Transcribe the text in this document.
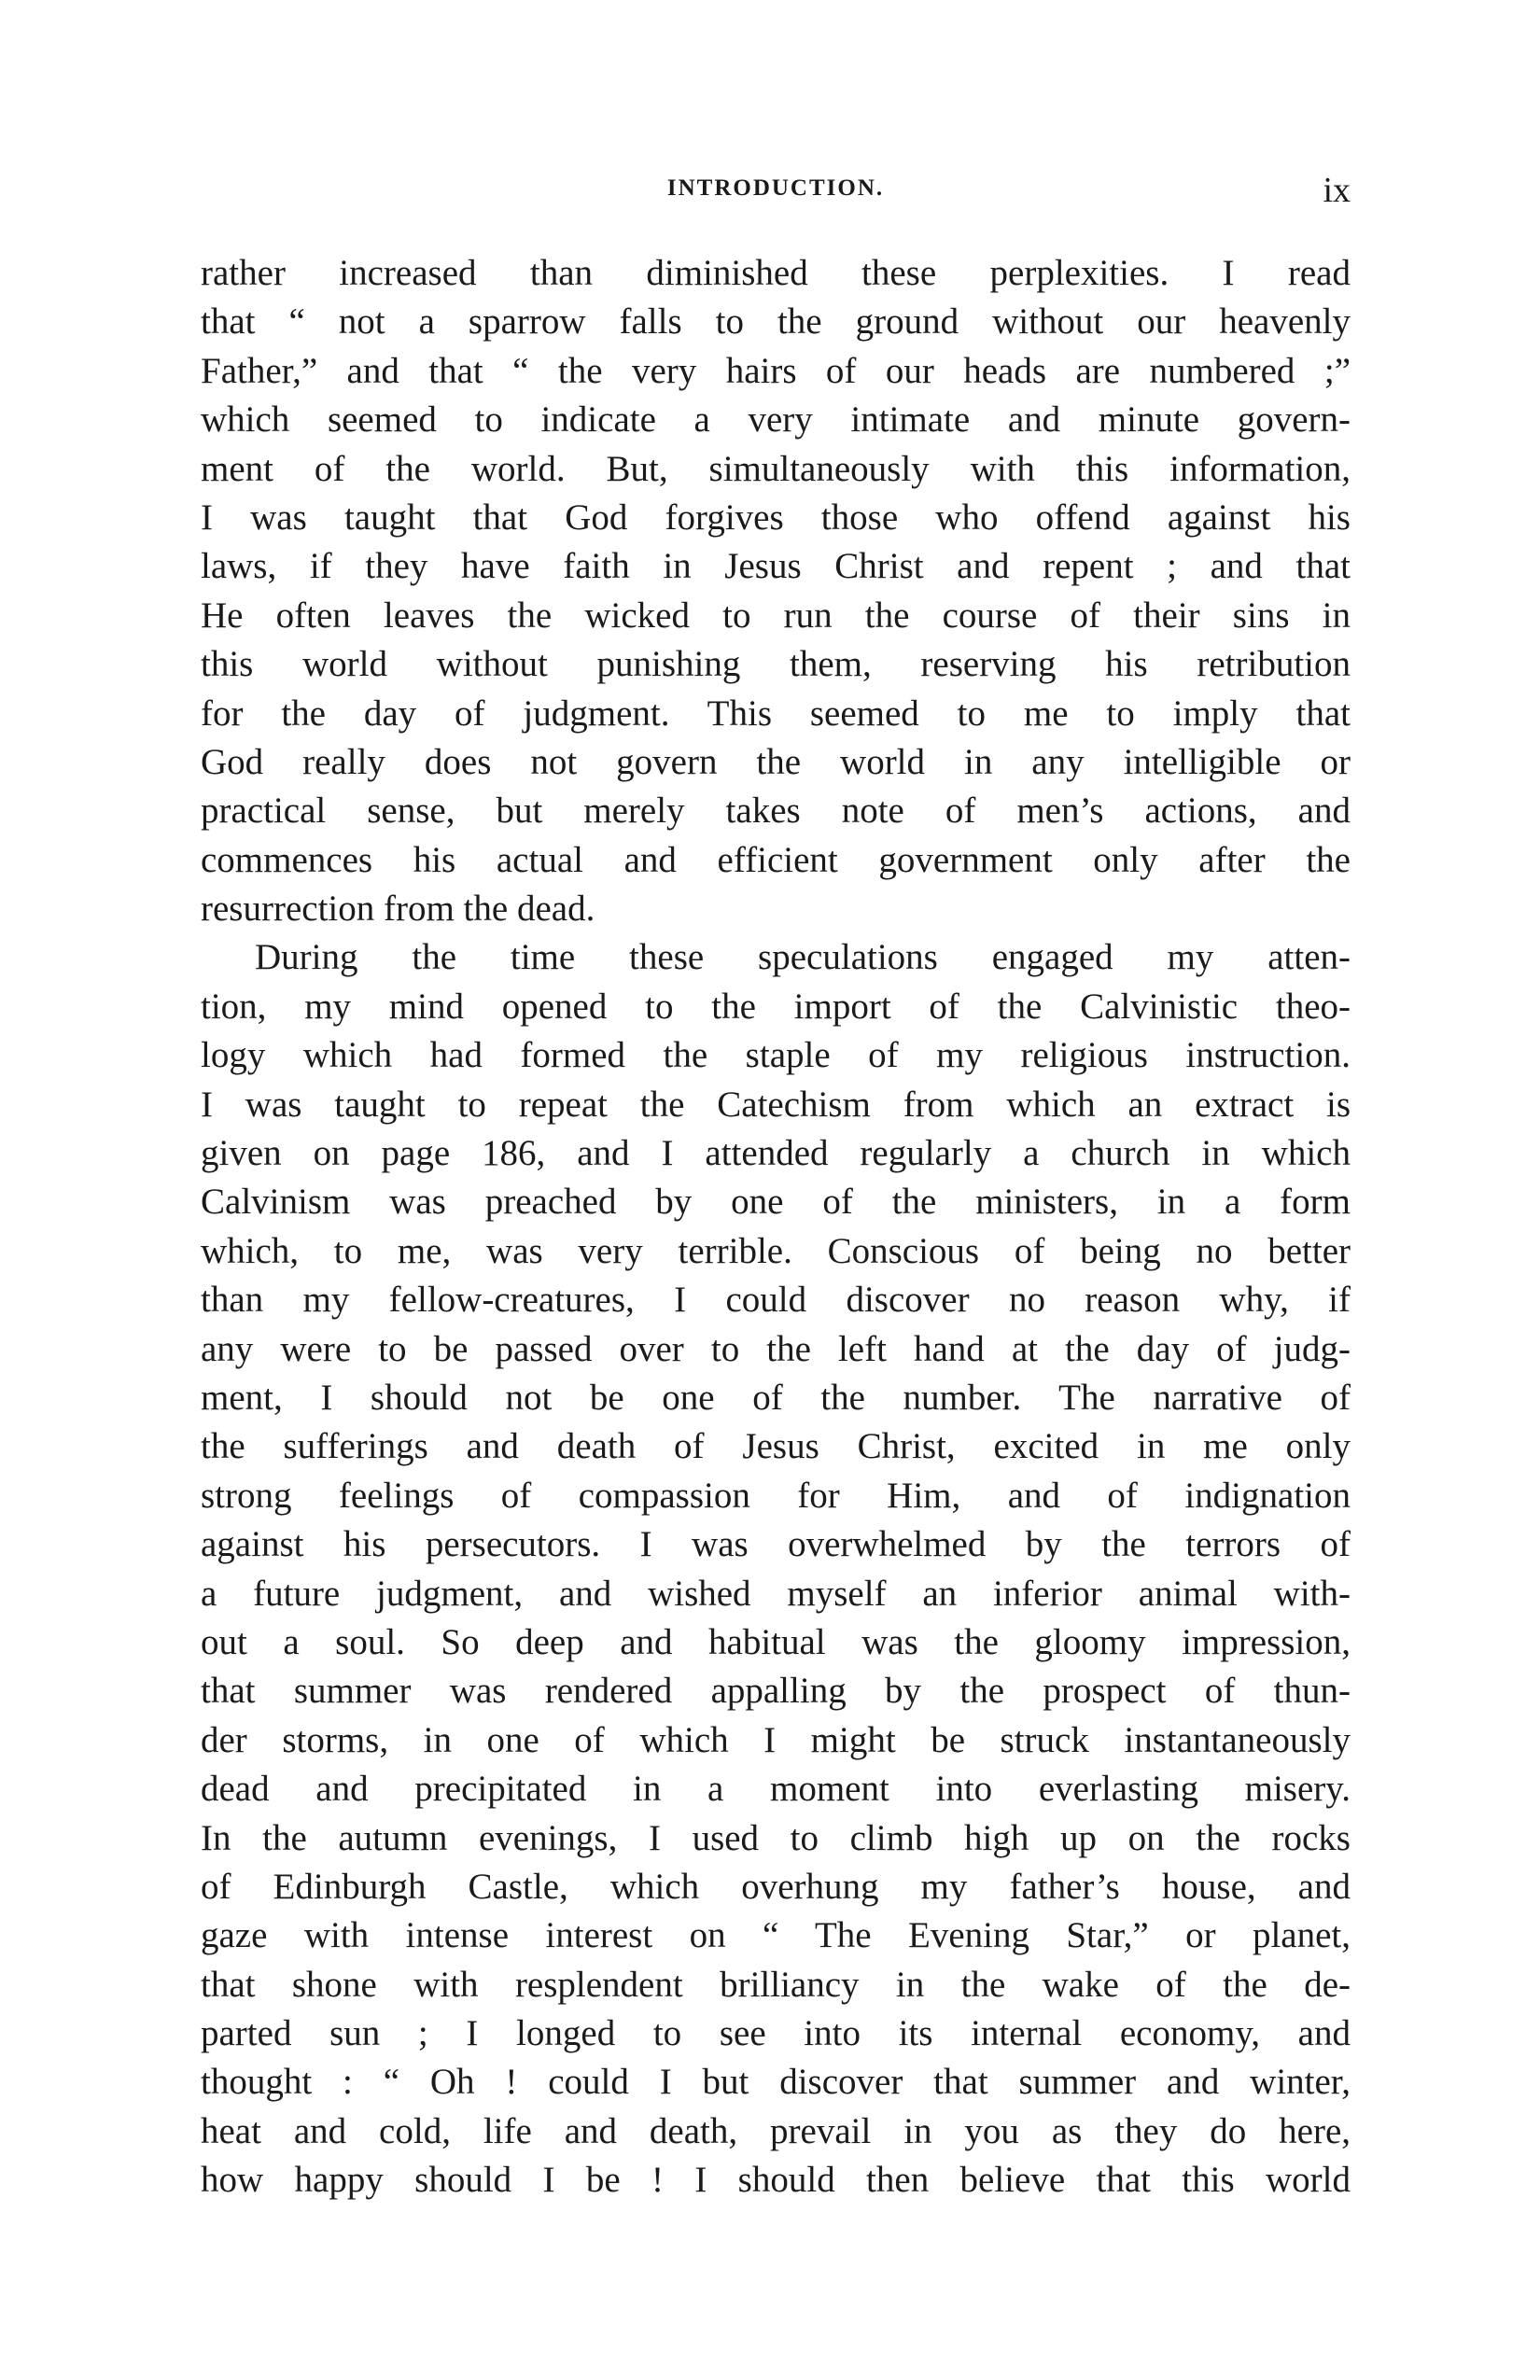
INTRODUCTION.	ix
rather increased than diminished these perplexities. I read
that “ not a sparrow falls to the ground without our heavenly
Father,” and that “ the very hairs of our heads are numbered ;”
which seemed to indicate a very intimate and minute govern-
ment of the world. But, simultaneously with this information,
I was taught that God forgives those who offend against his
laws, if they have faith in Jesus Christ and repent ; and that
He often leaves the wicked to run the course of their sins in
this world without punishing them, reserving his retribution
for the day of judgment. This seemed to me to imply that
God really does not govern the world in any intelligible or
practical sense, but merely takes note of men’s actions, and
commences his actual and efficient government only after the
resurrection from the dead.
During the time these speculations engaged my atten-
tion, my mind opened to the import of the Calvinistic theo-
logy which had formed the staple of my religious instruction.
I was taught to repeat the Catechism from which an extract is
given on page 186, and I attended regularly a church in which
Calvinism was preached by one of the ministers, in a form
which, to me, was very terrible. Conscious of being no better
than my fellow-creatures, I could discover no reason why, if
any were to be passed over to the left hand at the day of judg-
ment, I should not be one of the number. The narrative of
the sufferings and death of Jesus Christ, excited in me only
strong feelings of compassion for Him, and of indignation
against his persecutors. I was overwhelmed by the terrors of
a future judgment, and wished myself an inferior animal with-
out a soul. So deep and habitual was the gloomy impression,
that summer was rendered appalling by the prospect of thun-
der storms, in one of which I might be struck instantaneously
dead and precipitated in a moment into everlasting misery.
In the autumn evenings, I used to climb high up on the rocks
of Edinburgh Castle, which overhung my father’s house, and
gaze with intense interest on “ The Evening Star,” or planet,
that shone with resplendent brilliancy in the wake of the de-
parted sun ; I longed to see into its internal economy, and
thought : “ Oh ! could I but discover that summer and winter,
heat and cold, life and death, prevail in you as they do here,
how happy should I be ! I should then believe that this world
